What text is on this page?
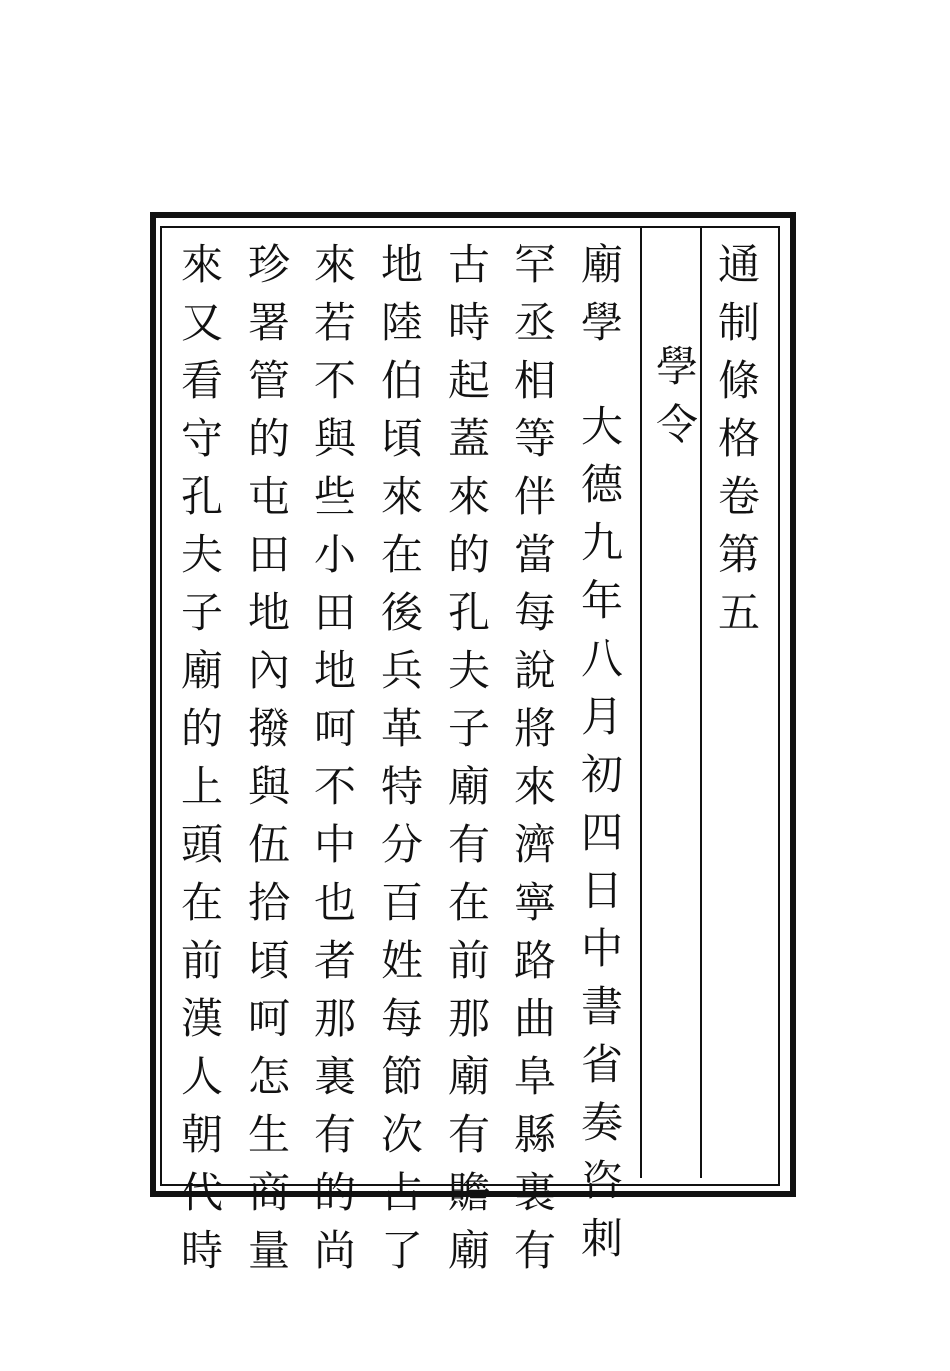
通
制
條
格
卷
第
五
學
令
廟
學
大
德
九
年
八
月
初
四
日
中
書
省
奏
咨
刺
罕
丞
相
等
伴
當
每
說
將
來
濟
寧
路
曲
阜
縣
裏
有
古
時
起
蓋
來
的
孔
夫
子
廟
有
在
前
那
廟
有
贍
廟
地
陸
伯
頃
來
在
後
兵
革
特
分
百
姓
每
節
次
占
了
來
若
不
與
些
小
田
地
呵
不
中
也
者
那
裏
有
的
尚
珍
署
管
的
屯
田
地
內
撥
與
伍
拾
頃
呵
怎
生
商
量
來
又
看
守
孔
夫
子
廟
的
上
頭
在
前
漢
人
朝
代
時
